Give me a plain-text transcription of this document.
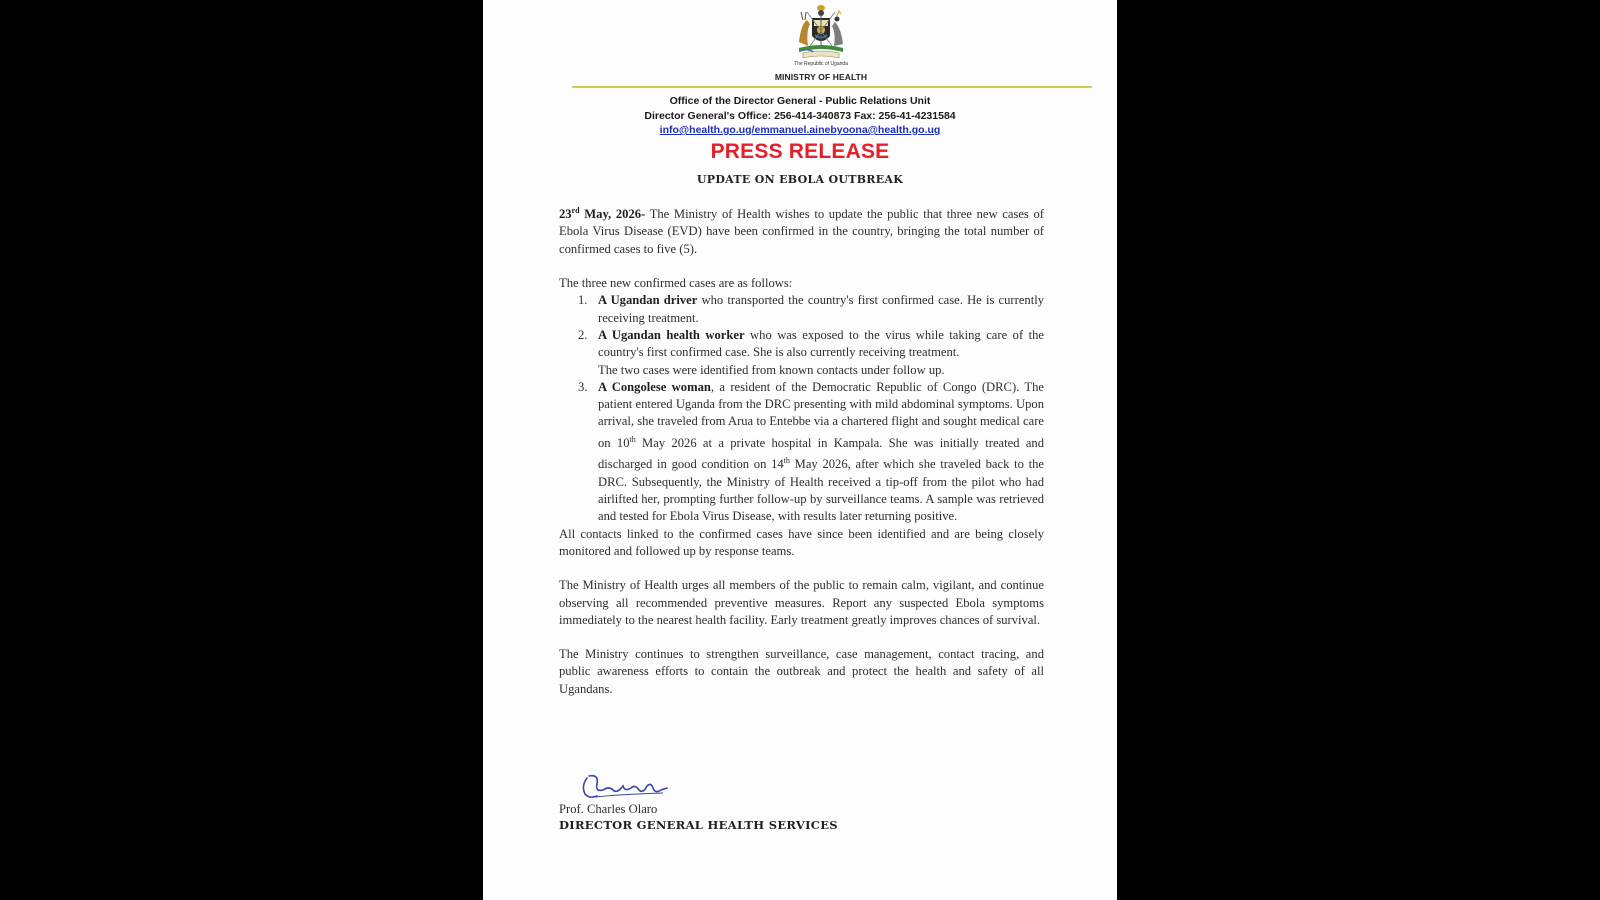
The Republic of Uganda
MINISTRY OF HEALTH
Office of the Director General - Public Relations Unit
Director General's Office: 256-414-340873 Fax: 256-41-4231584
info@health.go.ug/emmanuel.ainebyoona@health.go.ug
PRESS RELEASE
UPDATE ON EBOLA OUTBREAK

23rd May, 2026- The Ministry of Health wishes to update the public that three new cases of Ebola Virus Disease (EVD) have been confirmed in the country, bringing the total number of confirmed cases to five (5).

The three new confirmed cases are as follows:

1. A Ugandan driver who transported the country's first confirmed case. He is currently receiving treatment.
2. A Ugandan health worker who was exposed to the virus while taking care of the country's first confirmed case. She is also currently receiving treatment.

The two cases were identified from known contacts under follow up.

3. A Congolese woman, a resident of the Democratic Republic of Congo (DRC). The patient entered Uganda from the DRC presenting with mild abdominal symptoms. Upon arrival, she traveled from Arua to Entebbe via a chartered flight and sought medical care on 10th May 2026 at a private hospital in Kampala. She was initially treated and discharged in good condition on 14th May 2026, after which she traveled back to the DRC. Subsequently, the Ministry of Health received a tip-off from the pilot who had airlifted her, prompting further follow-up by surveillance teams. A sample was retrieved and tested for Ebola Virus Disease, with results later returning positive.

All contacts linked to the confirmed cases have since been identified and are being closely monitored and followed up by response teams.

The Ministry of Health urges all members of the public to remain calm, vigilant, and continue observing all recommended preventive measures. Report any suspected Ebola symptoms immediately to the nearest health facility. Early treatment greatly improves chances of survival.

The Ministry continues to strengthen surveillance, case management, contact tracing, and public awareness efforts to contain the outbreak and protect the health and safety of all Ugandans.

Prof. Charles Olaro
DIRECTOR GENERAL HEALTH SERVICES
